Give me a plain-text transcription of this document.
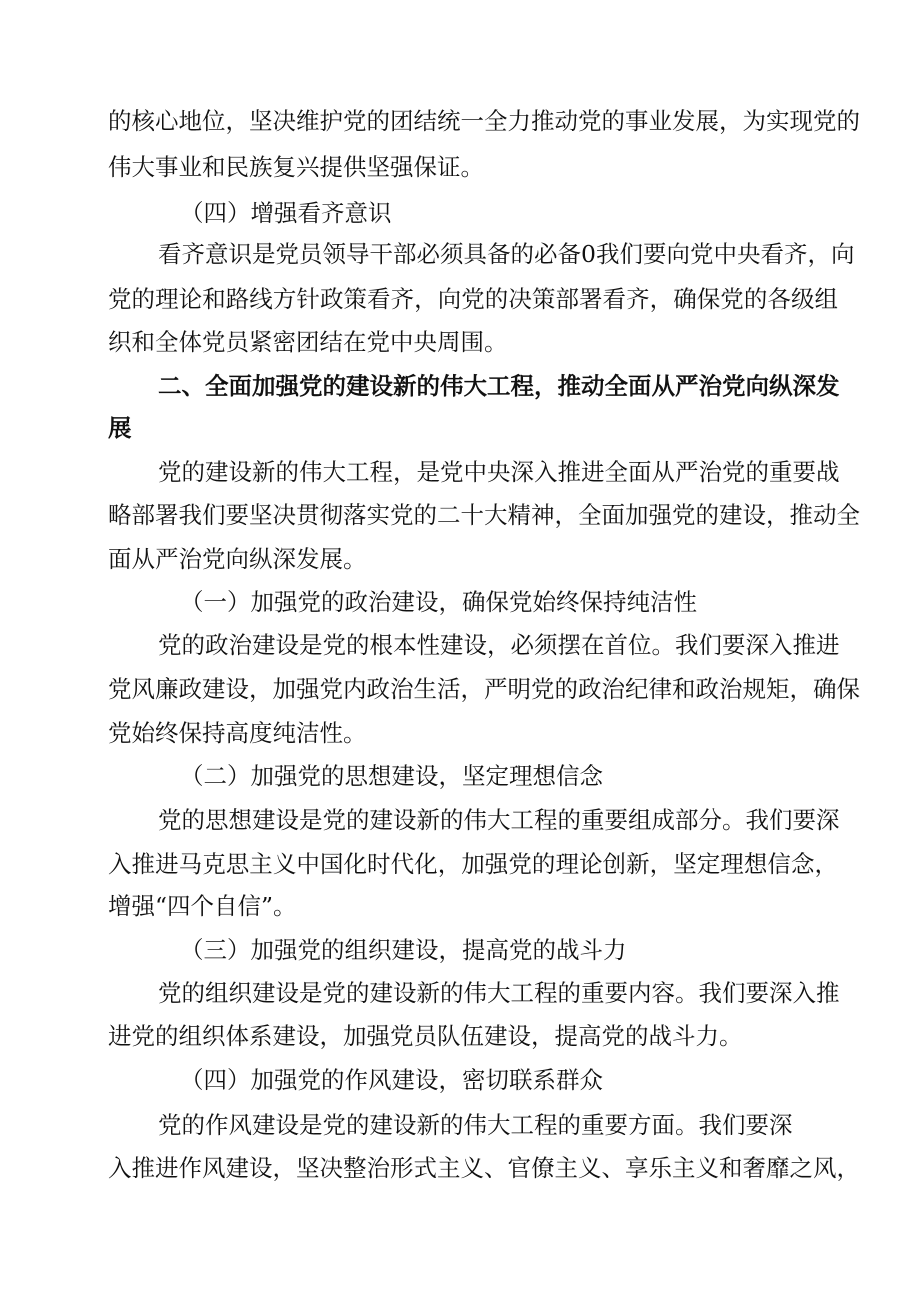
的核心地位，坚决维护党的团结统一全力推动党的事业发展，为实现党的
伟大事业和民族复兴提供坚强保证。
（四）增强看齐意识
看齐意识是党员领导干部必须具备的必备0我们要向党中央看齐，向
党的理论和路线方针政策看齐，向党的决策部署看齐，确保党的各级组
织和全体党员紧密团结在党中央周围。
二、全面加强党的建设新的伟大工程，推动全面从严治党向纵深发
展
党的建设新的伟大工程，是党中央深入推进全面从严治党的重要战
略部署我们要坚决贯彻落实党的二十大精神，全面加强党的建设，推动全
面从严治党向纵深发展。
（一）加强党的政治建设，确保党始终保持纯洁性
党的政治建设是党的根本性建设，必须摆在首位。我们要深入推进
党风廉政建设，加强党内政治生活，严明党的政治纪律和政治规矩，确保
党始终保持高度纯洁性。
（二）加强党的思想建设，坚定理想信念
党的思想建设是党的建设新的伟大工程的重要组成部分。我们要深
入推进马克思主义中国化时代化，加强党的理论创新，坚定理想信念，
增强“四个自信”。
（三）加强党的组织建设，提高党的战斗力
党的组织建设是党的建设新的伟大工程的重要内容。我们要深入推
进党的组织体系建设，加强党员队伍建设，提高党的战斗力。
（四）加强党的作风建设，密切联系群众
党的作风建设是党的建设新的伟大工程的重要方面。我们要深
入推进作风建设，坚决整治形式主义、官僚主义、享乐主义和奢靡之风，
